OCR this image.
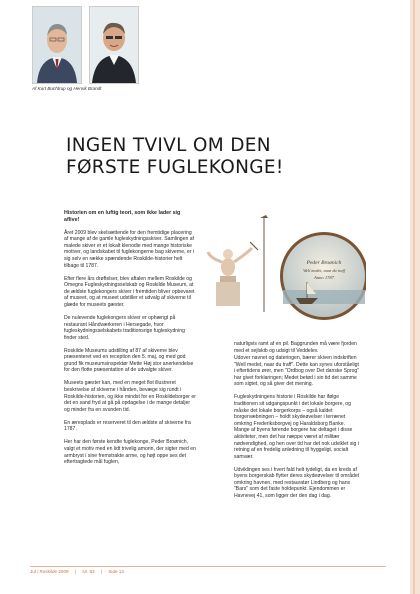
Af Kurt Buchtrup og Henrik Brandt
INGEN TVIVL OM DEN
FØRSTE FUGLEKONGE!

Historien om en luftig teori, som ikke lader sig aflive!

Året 2009 blev skelsættende for den fremtidige placering af mange af de gamle fugleskydningsskiver. Samlingen af malede skiver er et lokalt klenodie med mange historiske motiver, og landskabet til fuglekongerne bag skiverne, er i sig selv en række spændende Roskilde-historier helt tilbage til 1787.

Efter flere års drøftelser, blev aftalen mellem Roskilde og Omegns Fugleskydningsselskab og Roskilde Museum, at de ældste fuglekongers skiver i fremtiden bliver opbevaret af museet, og at museet udstiller et udvalg af skiverne til glæde for museets gæster.

De nulevende fuglekongers skiver er ophængt på restaurant Håndværkeren i Hersegade, hvor fugleskydningsselskabets traditionsrige fugleskydning finder sted.

Roskilde Museums udstilling af 87 af skiverne blev præsenteret ved en reception den 5. maj, og med god grund fik museumsinspektør Mette Høj stor anerkendelse for den flotte præsentation af de udvalgte skiver.

Museets gæster kan, med en meget flot illustreret beskrivelse af skiverne i hånden, bevæge sig rundt i Roskilde-historien, og ikke mindst for en Roskildeborger er det en sand fryd at gå på opdagelse i de mange detaljer og minder fra en svunden tid.

En æresplads er reserveret til den ældste af skiverne fra 1787.

Her har den første kendte fuglekonge, Peder Broønich, valgt et motiv med en lidt trivelig amorin, der sigter med en armbryst i sine fremstrakte arme, og højt oppe ses det eftertragtede mål fuglen,

Peder Broønich
Well medet, naar du traff
Anno 1787
naturligvis ramt af en pil. Baggrunden må være fjorden med et sejlskib og udsigt til Veddelev.

Udover navnet og dateringen, bærer skiven indskriften "Well medet, naar du traff". Dette kan synes uforståeligt i eftertidens ører, men "Ordbog over Det danske Sprog" har givet forklaringen; Medet betød i sin tid det samme som sigtet, og så giver det mening.

Fugleskydningens historie i Roskilde har ifølge traditionen sit udgangspunkt i det lokale borgere, og måske det lokale borgerkorps – også kaldet borgervæbningen – holdt skydeøvelser i terrænet omkring Frederiksborgvej og Haraldsborg Banke. Mange af byens førende borgere har deltaget i disse aktiviteter, men det har næppe været af militær nødvendighed, og hen over tid har det nok udviklet sig i retning af en fredelig anledning til hyggeligt, socialt samvær.

Udviklingen ses i hvert fald helt tydeligt, da en kreds af byens borgerskab flytter deres skydeøvelser til området omkring havnen, med restauratør Lindberg og hans "Bars" som det faste holdepunkt. Ejendommen er Havnevej 41, som ligger der den dag i dag.

Jul i Roskilde 2009 | Nr. 83 | Side 13
